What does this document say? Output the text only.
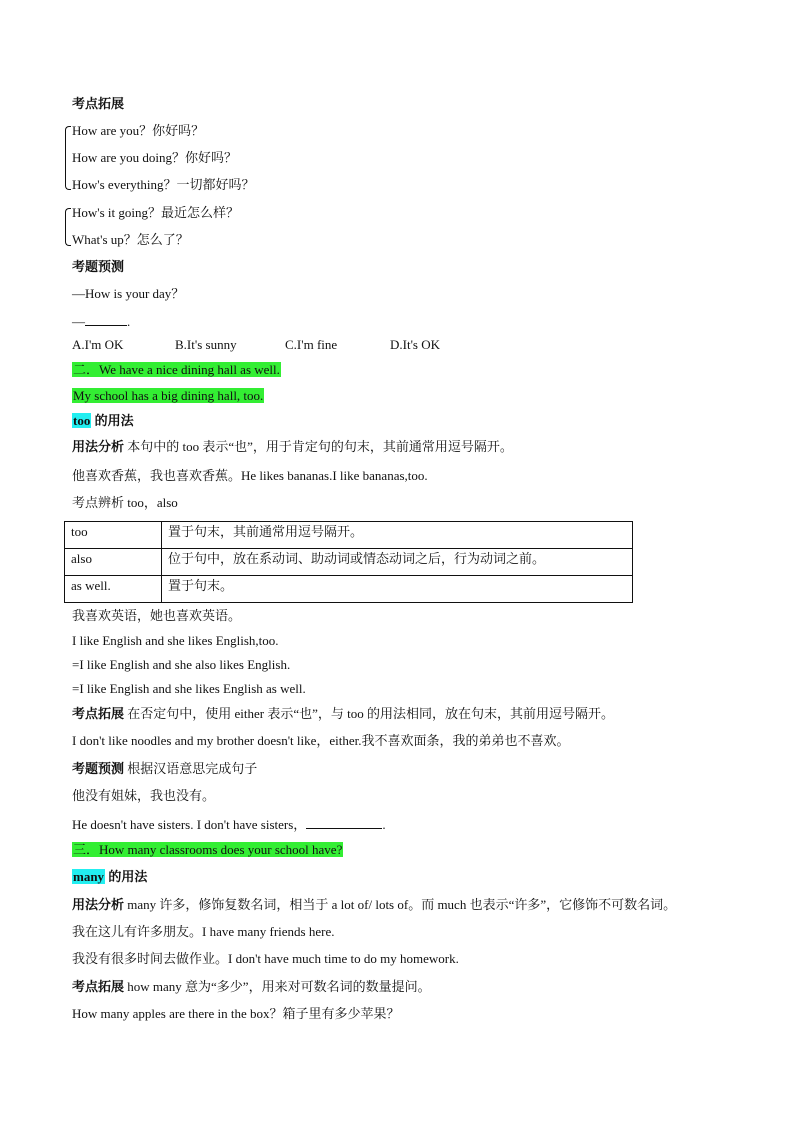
考点拓展
How are you？你好吗？
How are you doing？你好吗？
How's everything？一切都好吗？
How's it going？最近怎么样？
What's up？怎么了？
考题预测
—How is your day？
—	.
A.I'm OK	B.It's sunny	C.I'm fine	D.It's OK
二．We have a nice dining hall as well.
My school has a big dining hall, too.
too 的用法
用法分析 本句中的 too 表示“也”，用于肯定句的句末，其前通常用逗号隔开。
他喜欢香蕉，我也喜欢香蕉。He likes bananas.I like bananas,too.
考点辨析 too，also
too	置于句末，其前通常用逗号隔开。
also	位于句中，放在系动词、助动词或情态动词之后，行为动词之前。
as well.	置于句末。
我喜欢英语，她也喜欢英语。
I like English and she likes English,too.
=I like English and she also likes English.
=I like English and she likes English as well.
考点拓展 在否定句中，使用 either 表示“也”，与 too 的用法相同，放在句末，其前用逗号隔开。
I don't like noodles and my brother doesn't like，either.我不喜欢面条，我的弟弟也不喜欢。
考题预测 根据汉语意思完成句子
他没有姐妹，我也没有。
He doesn't have sisters. I don't have sisters，	.
三．How many classrooms does your school have?
many 的用法
用法分析 many 许多，修饰复数名词，相当于 a lot of/ lots of。而 much 也表示“许多”，它修饰不可数名词。
我在这儿有许多朋友。I have many friends here.
我没有很多时间去做作业。I don't have much time to do my homework.
考点拓展 how many 意为“多少”，用来对可数名词的数量提问。
How many apples are there in the box？箱子里有多少苹果？
